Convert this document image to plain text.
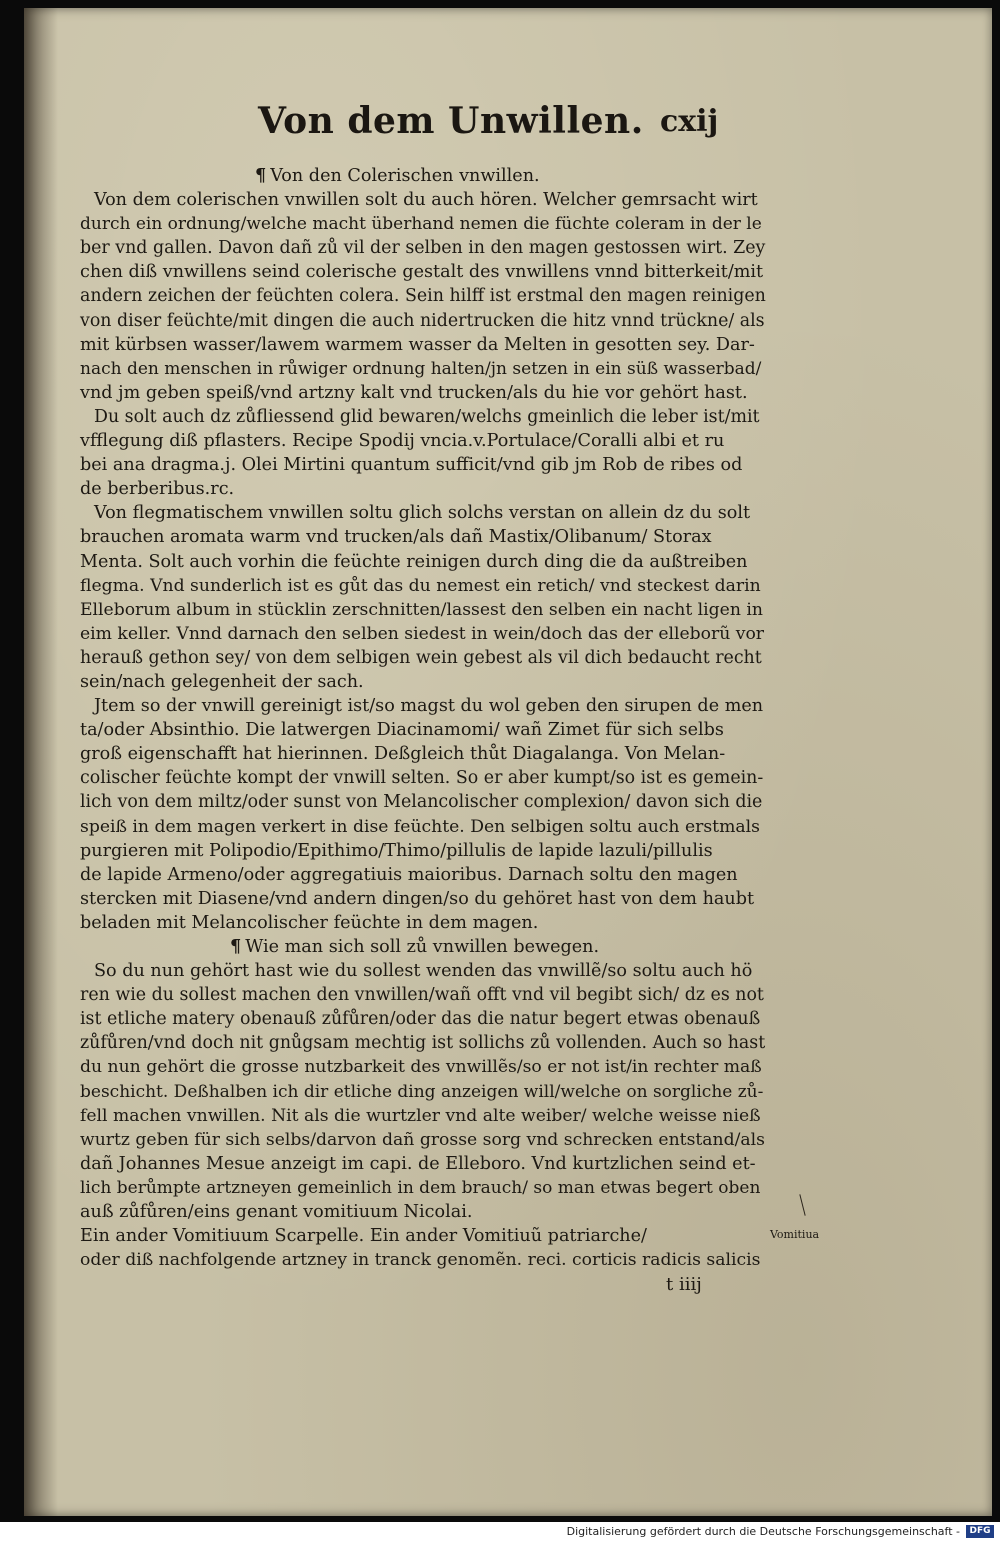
Von dem Unwillen. cxij
¶ Von den Colerischen vnwillen.
Von dem colerischen vnwillen solt du auch hören. Welcher gemrsacht wirt
durch ein ordnung/welche macht überhand nemen die füchte coleram in der le
ber vnd gallen. Davon dañ zů vil der selben in den magen gestossen wirt. Zey
chen diß vnwillens seind colerische gestalt des vnwillens vnnd bitterkeit/mit
andern zeichen der feüchten colera. Sein hilff ist erstmal den magen reinigen
von diser feüchte/mit dingen die auch nidertrucken die hitz vnnd trückne/ als
mit kürbsen wasser/lawem warmem wasser da Melten in gesotten sey. Dar-
nach den menschen in růwiger ordnung halten/jn setzen in ein süß wasserbad/
vnd jm geben speiß/vnd artzny kalt vnd trucken/als du hie vor gehört hast.
Du solt auch dz zůfliessend glid bewaren/welchs gmeinlich die leber ist/mit
vfflegung diß pflasters. Recipe Spodij vncia.v.Portulace/Coralli albi et ru
bei ana dragma.j. Olei Mirtini quantum sufficit/vnd gib jm Rob de ribes od
de berberibus.rc.
Von flegmatischem vnwillen soltu glich solchs verstan on allein dz du solt
brauchen aromata warm vnd trucken/als dañ Mastix/Olibanum/ Storax
Menta. Solt auch vorhin die feüchte reinigen durch ding die da außtreiben
flegma. Vnd sunderlich ist es gůt das du nemest ein retich/ vnd steckest darin
Elleborum album in stücklin zerschnitten/lassest den selben ein nacht ligen in
eim keller. Vnnd darnach den selben siedest in wein/doch das der elleborũ vor
herauß gethon sey/ von dem selbigen wein gebest als vil dich bedaucht recht
sein/nach gelegenheit der sach.
Jtem so der vnwill gereinigt ist/so magst du wol geben den sirupen de men
ta/oder Absinthio. Die latwergen Diacinamomi/ wañ Zimet für sich selbs
groß eigenschafft hat hierinnen. Deßgleich thůt Diagalanga. Von Melan-
colischer feüchte kompt der vnwill selten. So er aber kumpt/so ist es gemein-
lich von dem miltz/oder sunst von Melancolischer complexion/ davon sich die
speiß in dem magen verkert in dise feüchte. Den selbigen soltu auch erstmals
purgieren mit Polipodio/Epithimo/Thimo/pillulis de lapide lazuli/pillulis
de lapide Armeno/oder aggregatiuis maioribus. Darnach soltu den magen
stercken mit Diasene/vnd andern dingen/so du gehöret hast von dem haubt
beladen mit Melancolischer feüchte in dem magen.
¶ Wie man sich soll zů vnwillen bewegen.
So du nun gehört hast wie du sollest wenden das vnwillẽ/so soltu auch hö
ren wie du sollest machen den vnwillen/wañ offt vnd vil begibt sich/ dz es not
ist etliche matery obenauß zůfůren/oder das die natur begert etwas obenauß
zůfůren/vnd doch nit gnůgsam mechtig ist sollichs zů vollenden. Auch so hast
du nun gehört die grosse nutzbarkeit des vnwillẽs/so er not ist/in rechter maß
beschicht. Deßhalben ich dir etliche ding anzeigen will/welche on sorgliche zů-
fell machen vnwillen. Nit als die wurtzler vnd alte weiber/ welche weisse nieß
wurtz geben für sich selbs/darvon dañ grosse sorg vnd schrecken entstand/als
dañ Johannes Mesue anzeigt im capi. de Elleboro. Vnd kurtzlichen seind et-
lich berůmpte artzneyen gemeinlich in dem brauch/ so man etwas begert oben
auß zůfůren/eins genant vomitiuum Nicolai.
Ein ander Vomitiuum Scarpelle. Ein ander Vomitiuũ patriarche/
oder diß nachfolgende artzney in tranck genomẽn. reci. corticis radicis salicis
Vomitiua
t iiij
Digitalisierung gefördert durch die Deutsche Forschungsgemeinschaft -	DFG
